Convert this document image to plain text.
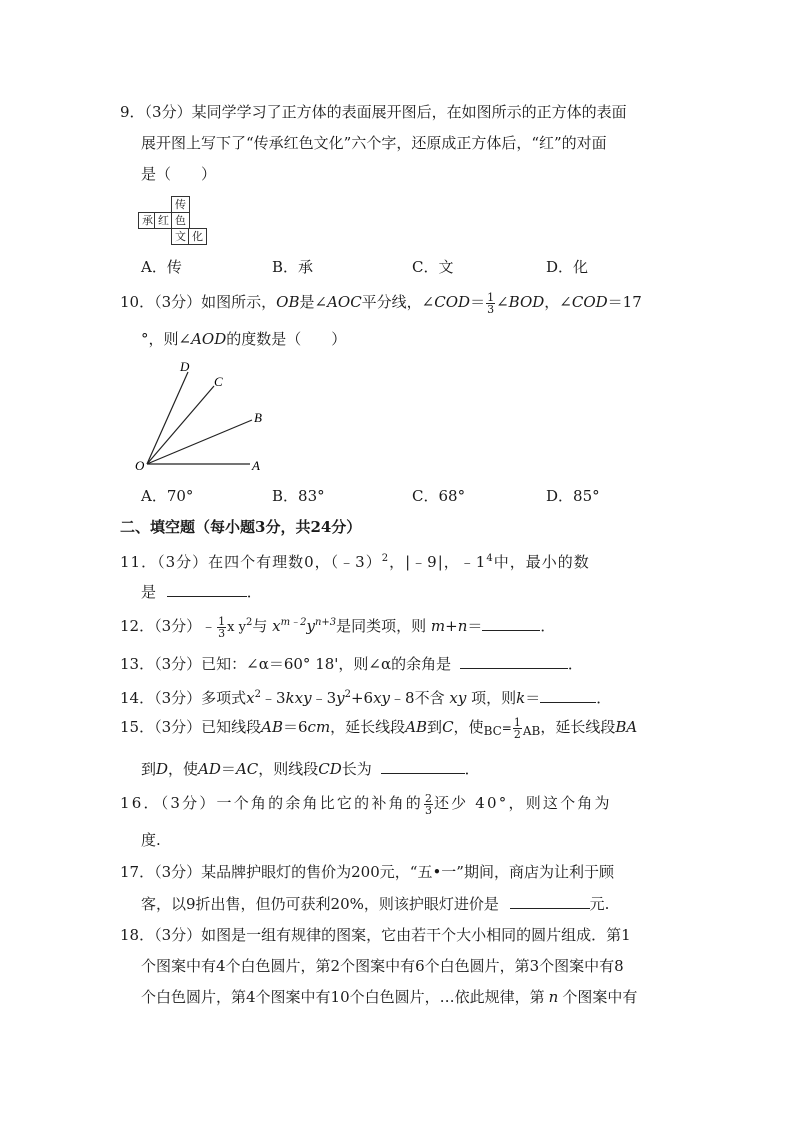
9．（3分）某同学学习了正方体的表面展开图后，在如图所示的正方体的表面
展开图上写下了“传承红色文化”六个字，还原成正方体后，“红”的对面
是（　　）
传
承 红 色
文 化
A．传	B．承	C．文	D．化
10．（3分）如图所示，OB是∠AOC平分线，∠COD＝ $\frac{1}{3}$ ∠BOD，∠COD＝17
°，则∠AOD的度数是（　　）
D
C
B
O	A
A．70°	B．83°	C．68°	D．85°
二、填空题（每小题3分，共24分）
11．（3分）在四个有理数0，（﹣3）$^2$，|﹣9|，$﹣1^4$中，最小的数
是	．
12．（3分）﹣ $\frac{1}{3}$ x $y^2$与 $x^{m﹣2}y^{n+3}$是同类项，则 m+n＝	．
13．（3分）已知：∠α＝60° 18'，则∠α的余角是	．
14．（3分）多项式$x^2﹣3kxy﹣3y^2+6xy﹣8$不含 xy 项，则k＝	．
15．（3分）已知线段AB＝6cm，延长线段AB到C，使$_{BC}= \frac{1}{2} _{AB}$，延长线段BA
到D，使AD＝AC，则线段CD长为	．
16．（3分）一个角的余角比它的补角的 $\frac{2}{3}$ 还少 40°，则这个角为
度.
17．（3分）某品牌护眼灯的售价为200元，“五•一”期间，商店为让利于顾
客，以9折出售，但仍可获利20%，则该护眼灯进价是	元.
18．（3分）如图是一组有规律的图案，它由若干个大小相同的圆片组成．第1
个图案中有4个白色圆片，第2个图案中有6个白色圆片，第3个图案中有8
个白色圆片，第4个图案中有10个白色圆片，…依此规律，第 n 个图案中有
